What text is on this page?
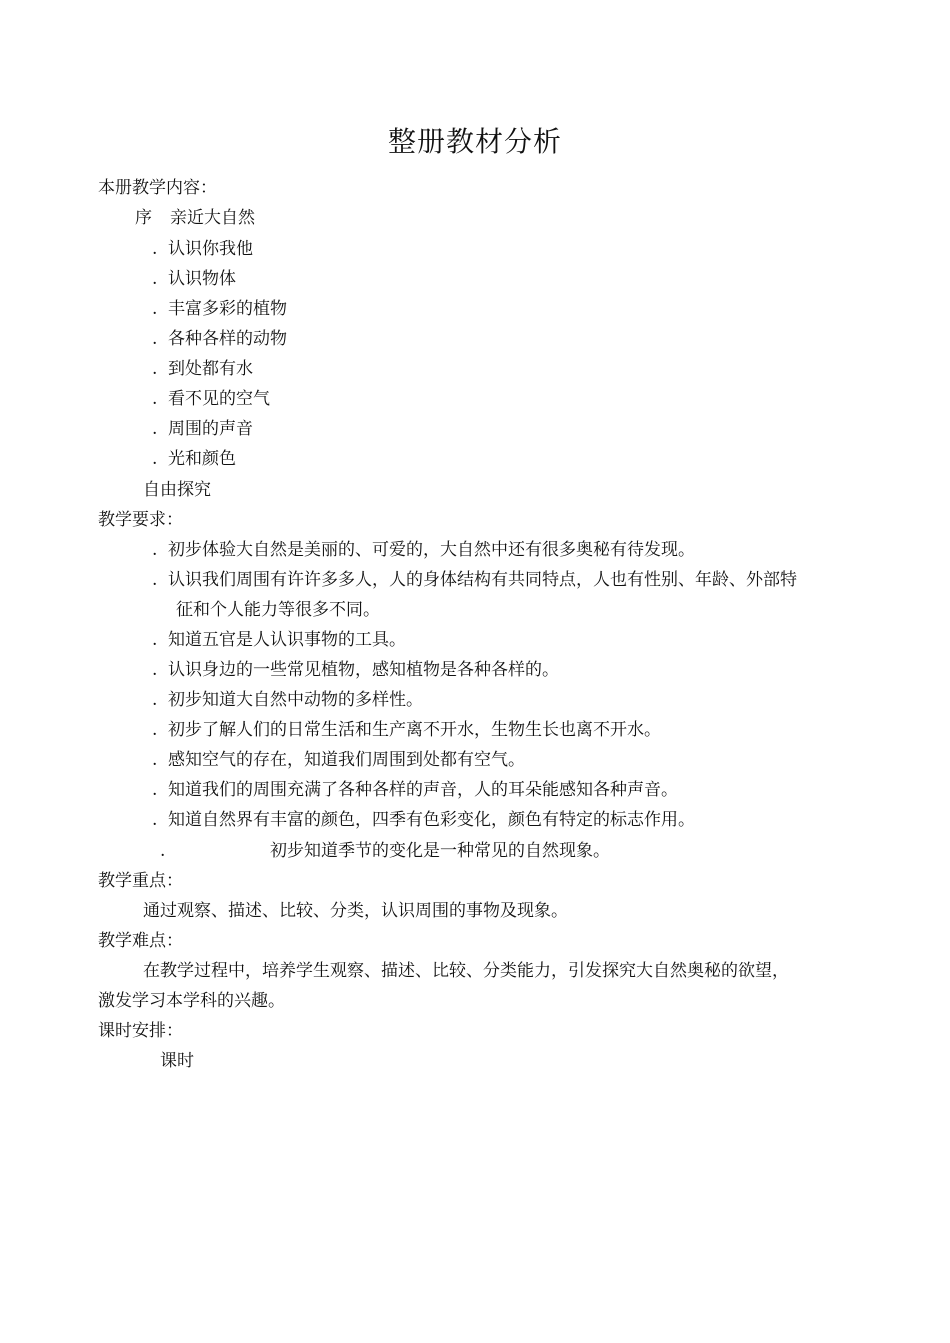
整册教材分析
本册教学内容：
序 亲近大自然
. 认识你我他
. 认识物体
. 丰富多彩的植物
. 各种各样的动物
. 到处都有水
. 看不见的空气
. 周围的声音
. 光和颜色
自由探究
教学要求：
. 初步体验大自然是美丽的、可爱的，大自然中还有很多奥秘有待发现。
. 认识我们周围有许许多多人，人的身体结构有共同特点，人也有性别、年龄、外部特
征和个人能力等很多不同。
. 知道五官是人认识事物的工具。
. 认识身边的一些常见植物，感知植物是各种各样的。
. 初步知道大自然中动物的多样性。
. 初步了解人们的日常生活和生产离不开水，生物生长也离不开水。
. 感知空气的存在，知道我们周围到处都有空气。
. 知道我们的周围充满了各种各样的声音，人的耳朵能感知各种声音。
. 知道自然界有丰富的颜色，四季有色彩变化，颜色有特定的标志作用。
.	初步知道季节的变化是一种常见的自然现象。
教学重点：
通过观察、描述、比较、分类，认识周围的事物及现象。
教学难点：
在教学过程中，培养学生观察、描述、比较、分类能力，引发探究大自然奥秘的欲望，
激发学习本学科的兴趣。
课时安排：
课时
